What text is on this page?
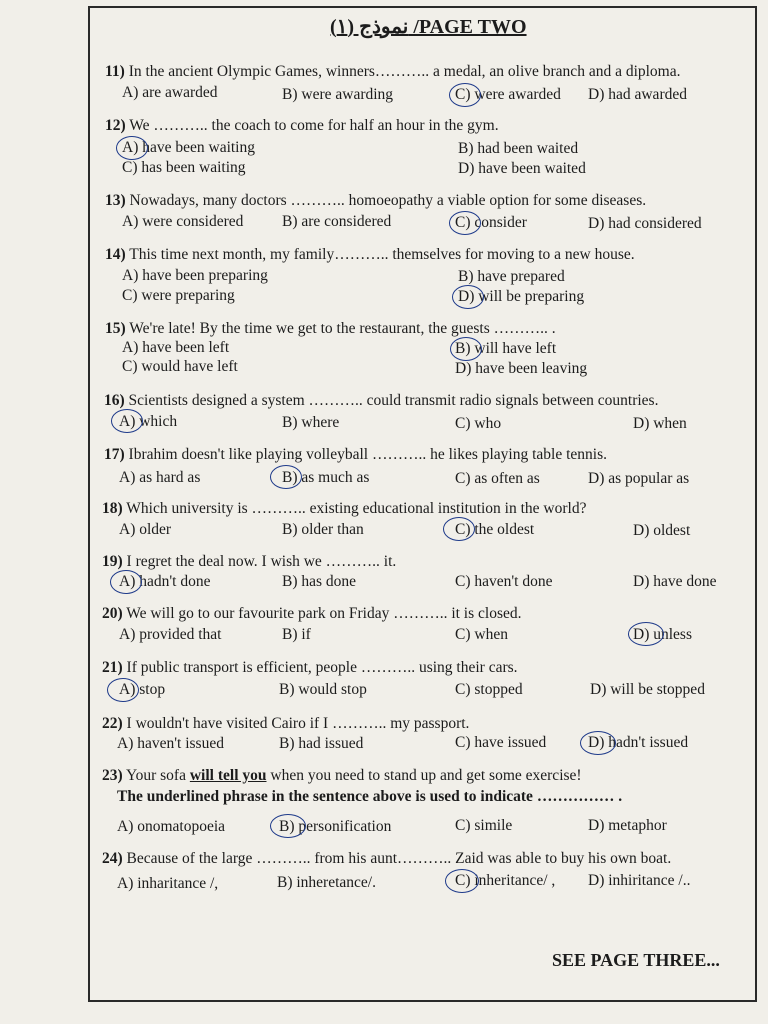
نموذج (١) /PAGE TWO
11) In the ancient Olympic Games, winners……….. a medal, an olive branch and a diploma.
A) are awarded	B) were awarding	C) were awarded D) had awarded
12) We ……….. the coach to come for half an hour in the gym.
A) have been waiting	B) had been waited
C) has been waiting	D) have been waited
13) Nowadays, many doctors ……….. homoeopathy a viable option for some diseases.
A) were considered B) are considered	C) consider	D) had considered
14) This time next month, my family……….. themselves for moving to a new house.
A) have been preparing	B) have prepared
C) were preparing	D) will be preparing
15) We're late! By the time we get to the restaurant, the guests ……….. .
A) have been left	B) will have left
C) would have left	D) have been leaving
16) Scientists designed a system ……….. could transmit radio signals between countries.
A) which	B) where	C) who	D) when
17) Ibrahim doesn't like playing volleyball ……….. he likes playing table tennis.
A) as hard as	B) as much as	C) as often as	D) as popular as
18) Which university is ……….. existing educational institution in the world?
A) older	B) older than	C) the oldest	D) oldest
19) I regret the deal now. I wish we ……….. it.
A) hadn't done	B) has done	C) haven't done	D) have done
20) We will go to our favourite park on Friday ……….. it is closed.
A) provided that	B) if	C) when	D) unless
21) If public transport is efficient, people ……….. using their cars.
A) stop	B) would stop	C) stopped	D) will be stopped
22) I wouldn't have visited Cairo if I ……….. my passport.
A) haven't issued	B) had issued	C) have issued	D) hadn't issued
23) Your sofa will tell you when you need to stand up and get some exercise!
The underlined phrase in the sentence above is used to indicate …………… .
A) onomatopoeia	B) personification	C) simile	D) metaphor
24) Because of the large ……….. from his aunt……….. Zaid was able to buy his own boat.
A) inharitance /,	B) inheretance/.	C) inheritance/ , D) inhiritance /..
SEE PAGE THREE...
